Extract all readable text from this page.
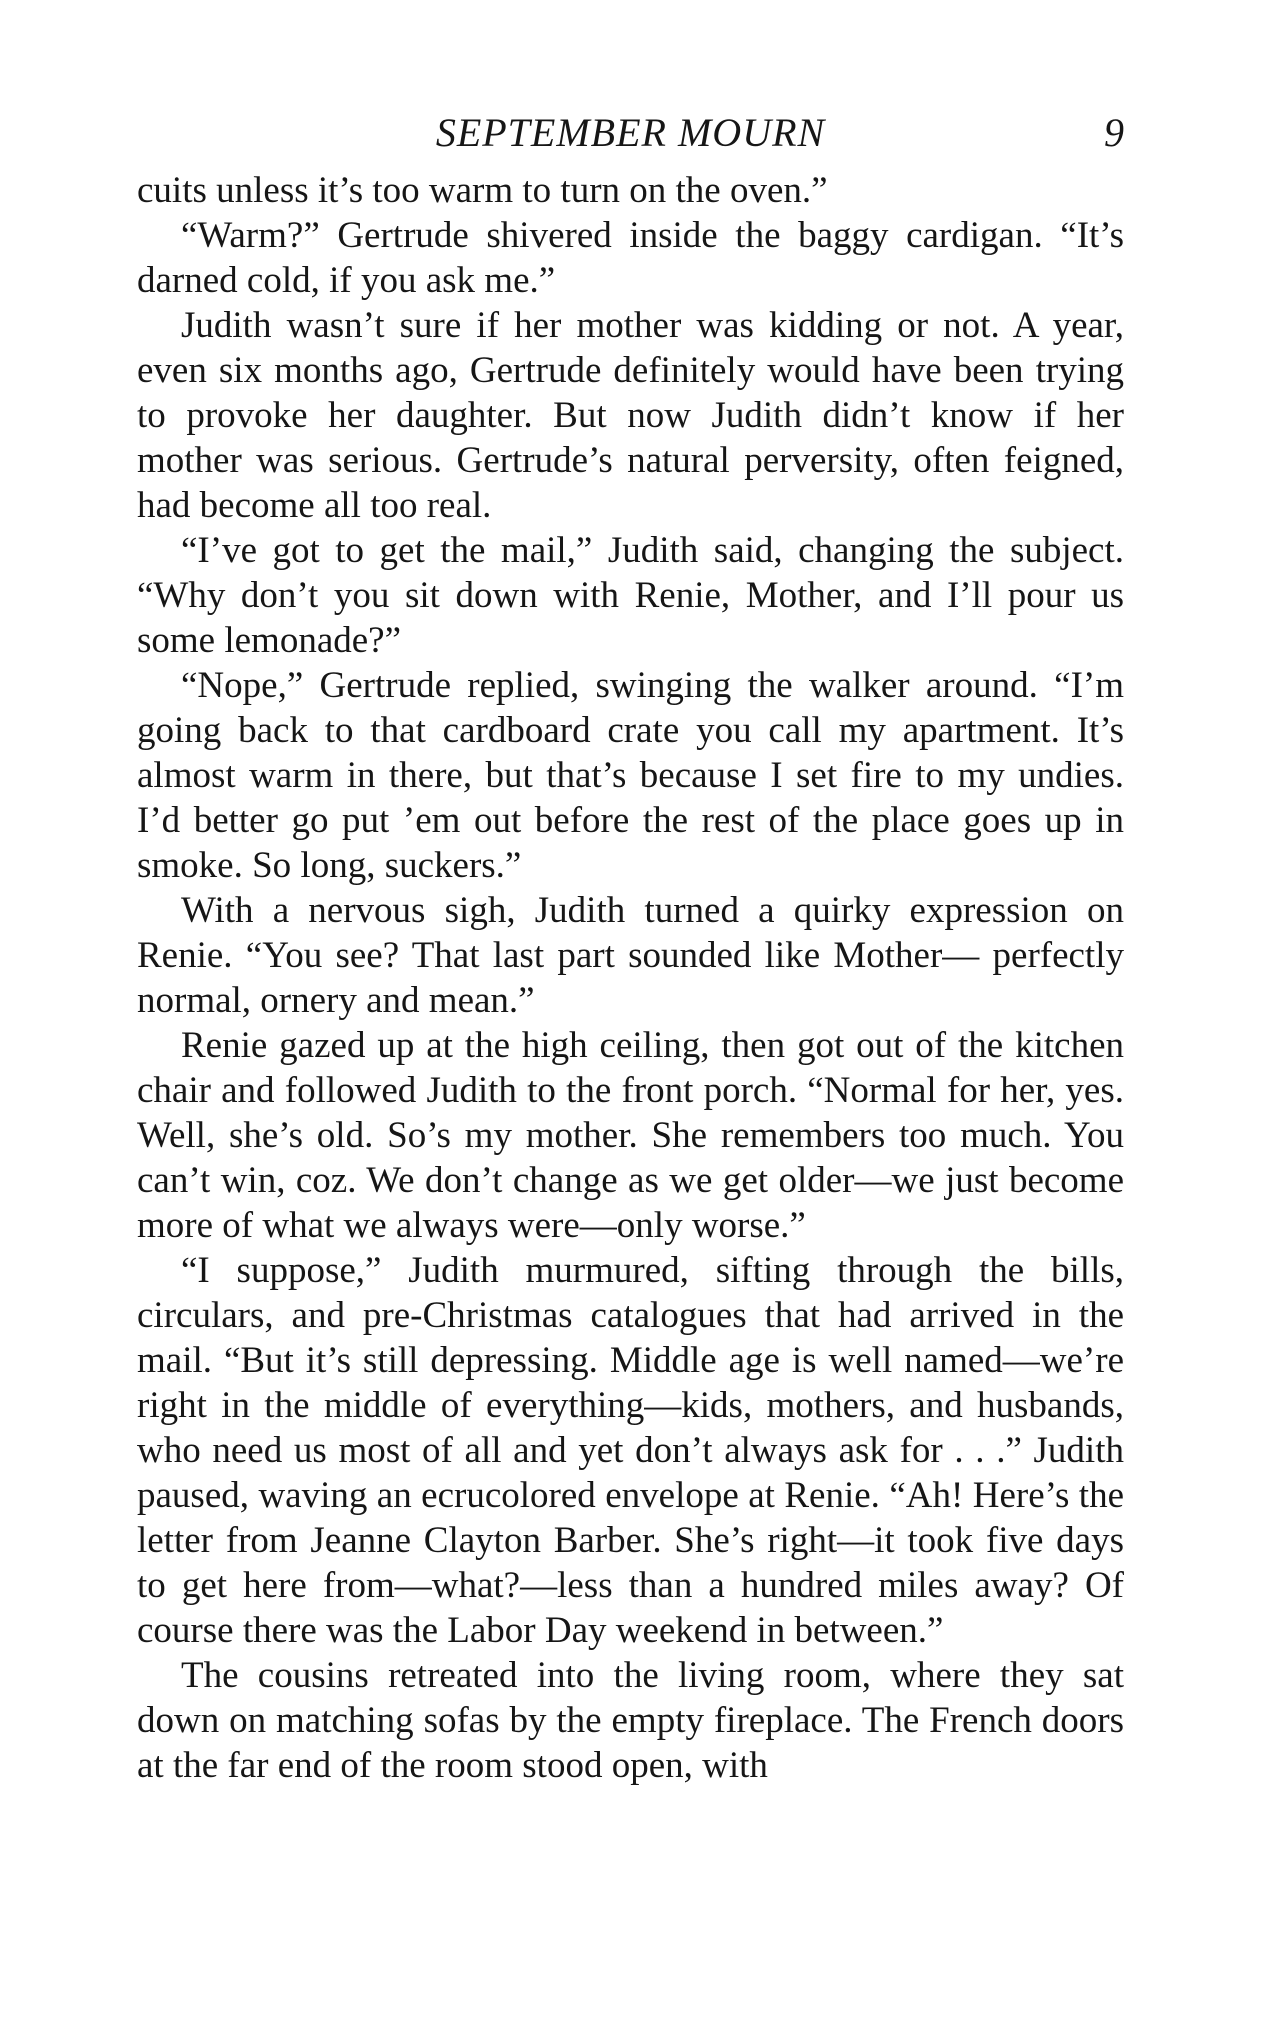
SEPTEMBER MOURN	9

cuits unless it’s too warm to turn on the oven.”

“Warm?” Gertrude shivered inside the baggy cardigan. “It’s darned cold, if you ask me.”

Judith wasn’t sure if her mother was kidding or not. A year, even six months ago, Gertrude definitely would have been trying to provoke her daughter. But now Judith didn’t know if her mother was serious. Gertrude’s natural perversity, often feigned, had become all too real.

“I’ve got to get the mail,” Judith said, changing the subject. “Why don’t you sit down with Renie, Mother, and I’ll pour us some lemonade?”

“Nope,” Gertrude replied, swinging the walker around. “I’m going back to that cardboard crate you call my apartment. It’s almost warm in there, but that’s because I set fire to my undies. I’d better go put ’em out before the rest of the place goes up in smoke. So long, suckers.”

With a nervous sigh, Judith turned a quirky expression on Renie. “You see? That last part sounded like Mother— perfectly normal, ornery and mean.”

Renie gazed up at the high ceiling, then got out of the kitchen chair and followed Judith to the front porch. “Normal for her, yes. Well, she’s old. So’s my mother. She remembers too much. You can’t win, coz. We don’t change as we get older—we just become more of what we always were—only worse.”

“I suppose,” Judith murmured, sifting through the bills, circulars, and pre-Christmas catalogues that had arrived in the mail. “But it’s still depressing. Middle age is well named—we’re right in the middle of everything—kids, mothers, and husbands, who need us most of all and yet don’t always ask for . . .” Judith paused, waving an ecrucolored envelope at Renie. “Ah! Here’s the letter from Jeanne Clayton Barber. She’s right—it took five days to get here from—what?—less than a hundred miles away? Of course there was the Labor Day weekend in between.”

The cousins retreated into the living room, where they sat down on matching sofas by the empty fireplace. The French doors at the far end of the room stood open, with
